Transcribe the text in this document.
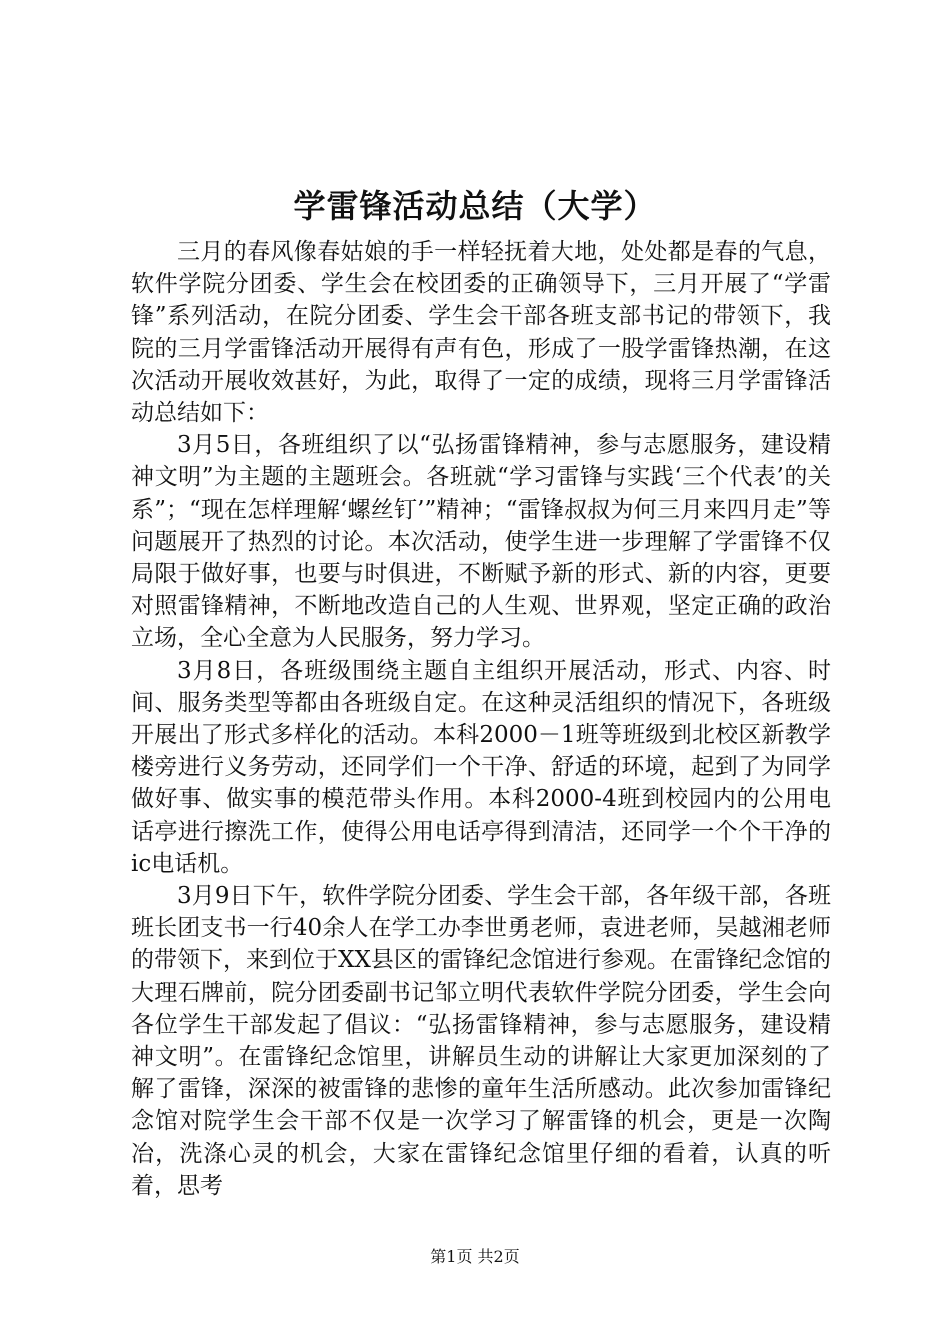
学雷锋活动总结（大学）

三月的春风像春姑娘的手一样轻抚着大地，处处都是春的气息，软件学院分团委、学生会在校团委的正确领导下，三月开展了“学雷锋”系列活动，在院分团委、学生会干部各班支部书记的带领下，我院的三月学雷锋活动开展得有声有色，形成了一股学雷锋热潮，在这次活动开展收效甚好，为此，取得了一定的成绩，现将三月学雷锋活动总结如下：

3月5日，各班组织了以“弘扬雷锋精神，参与志愿服务，建设精神文明”为主题的主题班会。各班就“学习雷锋与实践‘三个代表’的关系”；“现在怎样理解‘螺丝钉’”精神；“雷锋叔叔为何三月来四月走”等问题展开了热烈的讨论。本次活动，使学生进一步理解了学雷锋不仅局限于做好事，也要与时俱进，不断赋予新的形式、新的内容，更要对照雷锋精神，不断地改造自己的人生观、世界观，坚定正确的政治立场，全心全意为人民服务，努力学习。

3月8日，各班级围绕主题自主组织开展活动，形式、内容、时间、服务类型等都由各班级自定。在这种灵活组织的情况下，各班级开展出了形式多样化的活动。本科2000－1班等班级到北校区新教学楼旁进行义务劳动，还同学们一个干净、舒适的环境，起到了为同学做好事、做实事的模范带头作用。本科2000-4班到校园内的公用电话亭进行擦洗工作，使得公用电话亭得到清洁，还同学一个个干净的ic电话机。

3月9日下午，软件学院分团委、学生会干部，各年级干部，各班班长团支书一行40余人在学工办李世勇老师，袁进老师，吴越湘老师的带领下，来到位于XX县区的雷锋纪念馆进行参观。在雷锋纪念馆的大理石牌前，院分团委副书记邹立明代表软件学院分团委，学生会向各位学生干部发起了倡议：“弘扬雷锋精神，参与志愿服务，建设精神文明”。在雷锋纪念馆里，讲解员生动的讲解让大家更加深刻的了解了雷锋，深深的被雷锋的悲惨的童年生活所感动。此次参加雷锋纪念馆对院学生会干部不仅是一次学习了解雷锋的机会，更是一次陶冶，洗涤心灵的机会，大家在雷锋纪念馆里仔细的看着，认真的听着，思考

第1页 共2页
